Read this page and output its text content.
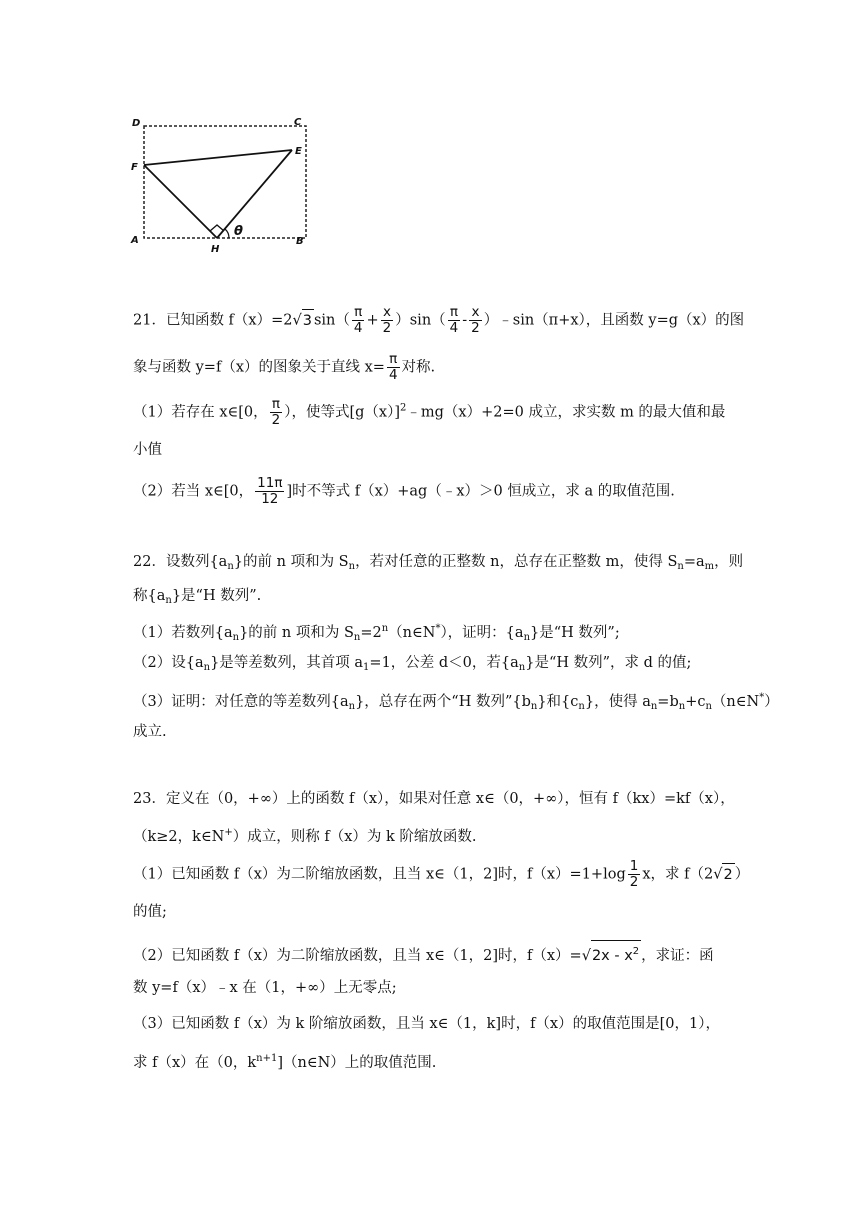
D	C
F
E
A
H
B
θ
21．已知函数 f（x）=2√3 $\sin( \frac{\pi}{4} + \frac{x}{2} )\sin( \frac{\pi}{4} - \frac{x}{2}$ ）﹣sin（π+x），且函数 y=g（x）的图
象与函数 y=f（x）的图象关于直线 $x= \frac{\pi}{4}$ 对称.
（1）若存在 x∈[0， $\frac{\pi}{2}$ ），使等式$[g(x)]^2﹣mg(x)+2=0$ 成立，求实数 m 的最大值和最
小值
（2）若当 x∈[0， $\frac{11\pi}{12}$ ]时不等式 f（x）+ag（﹣x）＞0 恒成立，求 a 的取值范围.
22．设数列$\{a_n\}$的前 n 项和为 $S_n$，若对任意的正整数 n，总存在正整数 m，使得 $S_n=a_m$，则
称$\{a_n\}$是“H 数列”.
（1）若数列$\{a_n\}$的前 n 项和为 $S_n=2^n(n\in N^*)$，证明：$\{a_n\}$是“H 数列”;
（2）设$\{a_n\}$是等差数列，其首项 $a_1=1$，公差 d＜0，若$\{a_n\}$是“H 数列”，求 d 的值;
（3）证明：对任意的等差数列$\{a_n\}$，总存在两个“H 数列$”\{b_n\}$和$\{c_n\}$，使得 $a_n=b_n+c_n(n\in N^*)$
成立.
23．定义在（0，+∞）上的函数 f（x），如果对任意 x∈（0，+∞），恒有 f（kx）=kf（x），
（k≥2，k∈N+）成立，则称 f（x）为 k 阶缩放函数.
（1）已知函数 f（x）为二阶缩放函数，且当 x∈（1，2]时，$f(x)=1+\log \frac{1}{2}$ x，求 f（2√2 ）
的值;
（2）已知函数 f（x）为二阶缩放函数，且当 x∈（1，2]时，$f(x)=√2x - x^2$ ，求证：函
数 y=f（x）﹣x 在（1，+∞）上无零点;
（3）已知函数 f（x）为 k 阶缩放函数，且当 x∈（1，k]时，f（x）的取值范围是[0，1），
求 f（x）在（0，$k^{n+1}](n\in N)$上的取值范围.
